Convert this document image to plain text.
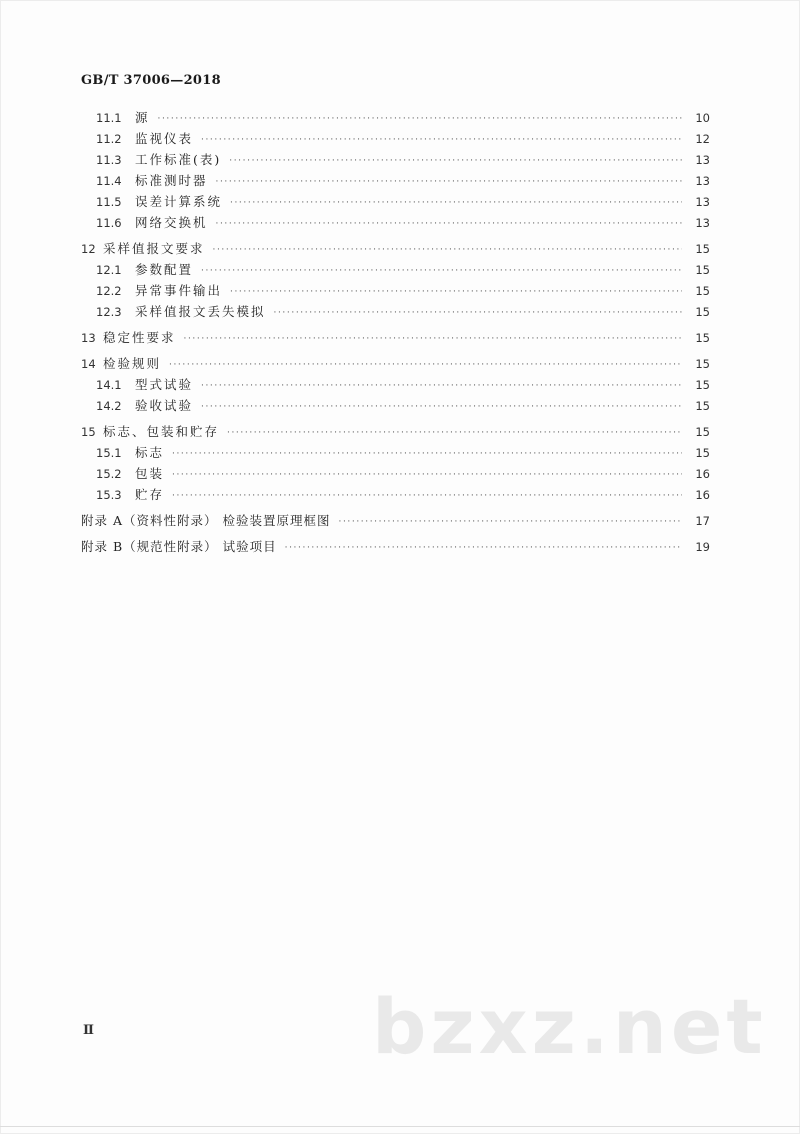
GB/T 37006—2018
11.1	源 ·····	10
11.2	监视仪表 ·····	12
11.3	工作标准(表) ·····	13
11.4	标准测时器 ·····	13
11.5	误差计算系统 ·····	13
11.6	网络交换机 ·····	13
12 采样值报文要求 ·····	15
12.1	参数配置 ·····	15
12.2	异常事件输出 ·····	15
12.3	采样值报文丢失模拟 ·····	15
13 稳定性要求 ·····	15
14 检验规则 ·····	15
14.1	型式试验 ·····	15
14.2	验收试验 ·····	15
15 标志、包装和贮存 ·····	15
15.1	标志 ·····	15
15.2	包装 ·····	16
15.3	贮存 ·····	16
附录 A（资料性附录） 检验装置原理框图 ·····	17
附录 B（规范性附录） 试验项目 ·····	19
Ⅱ	bzxz.net
